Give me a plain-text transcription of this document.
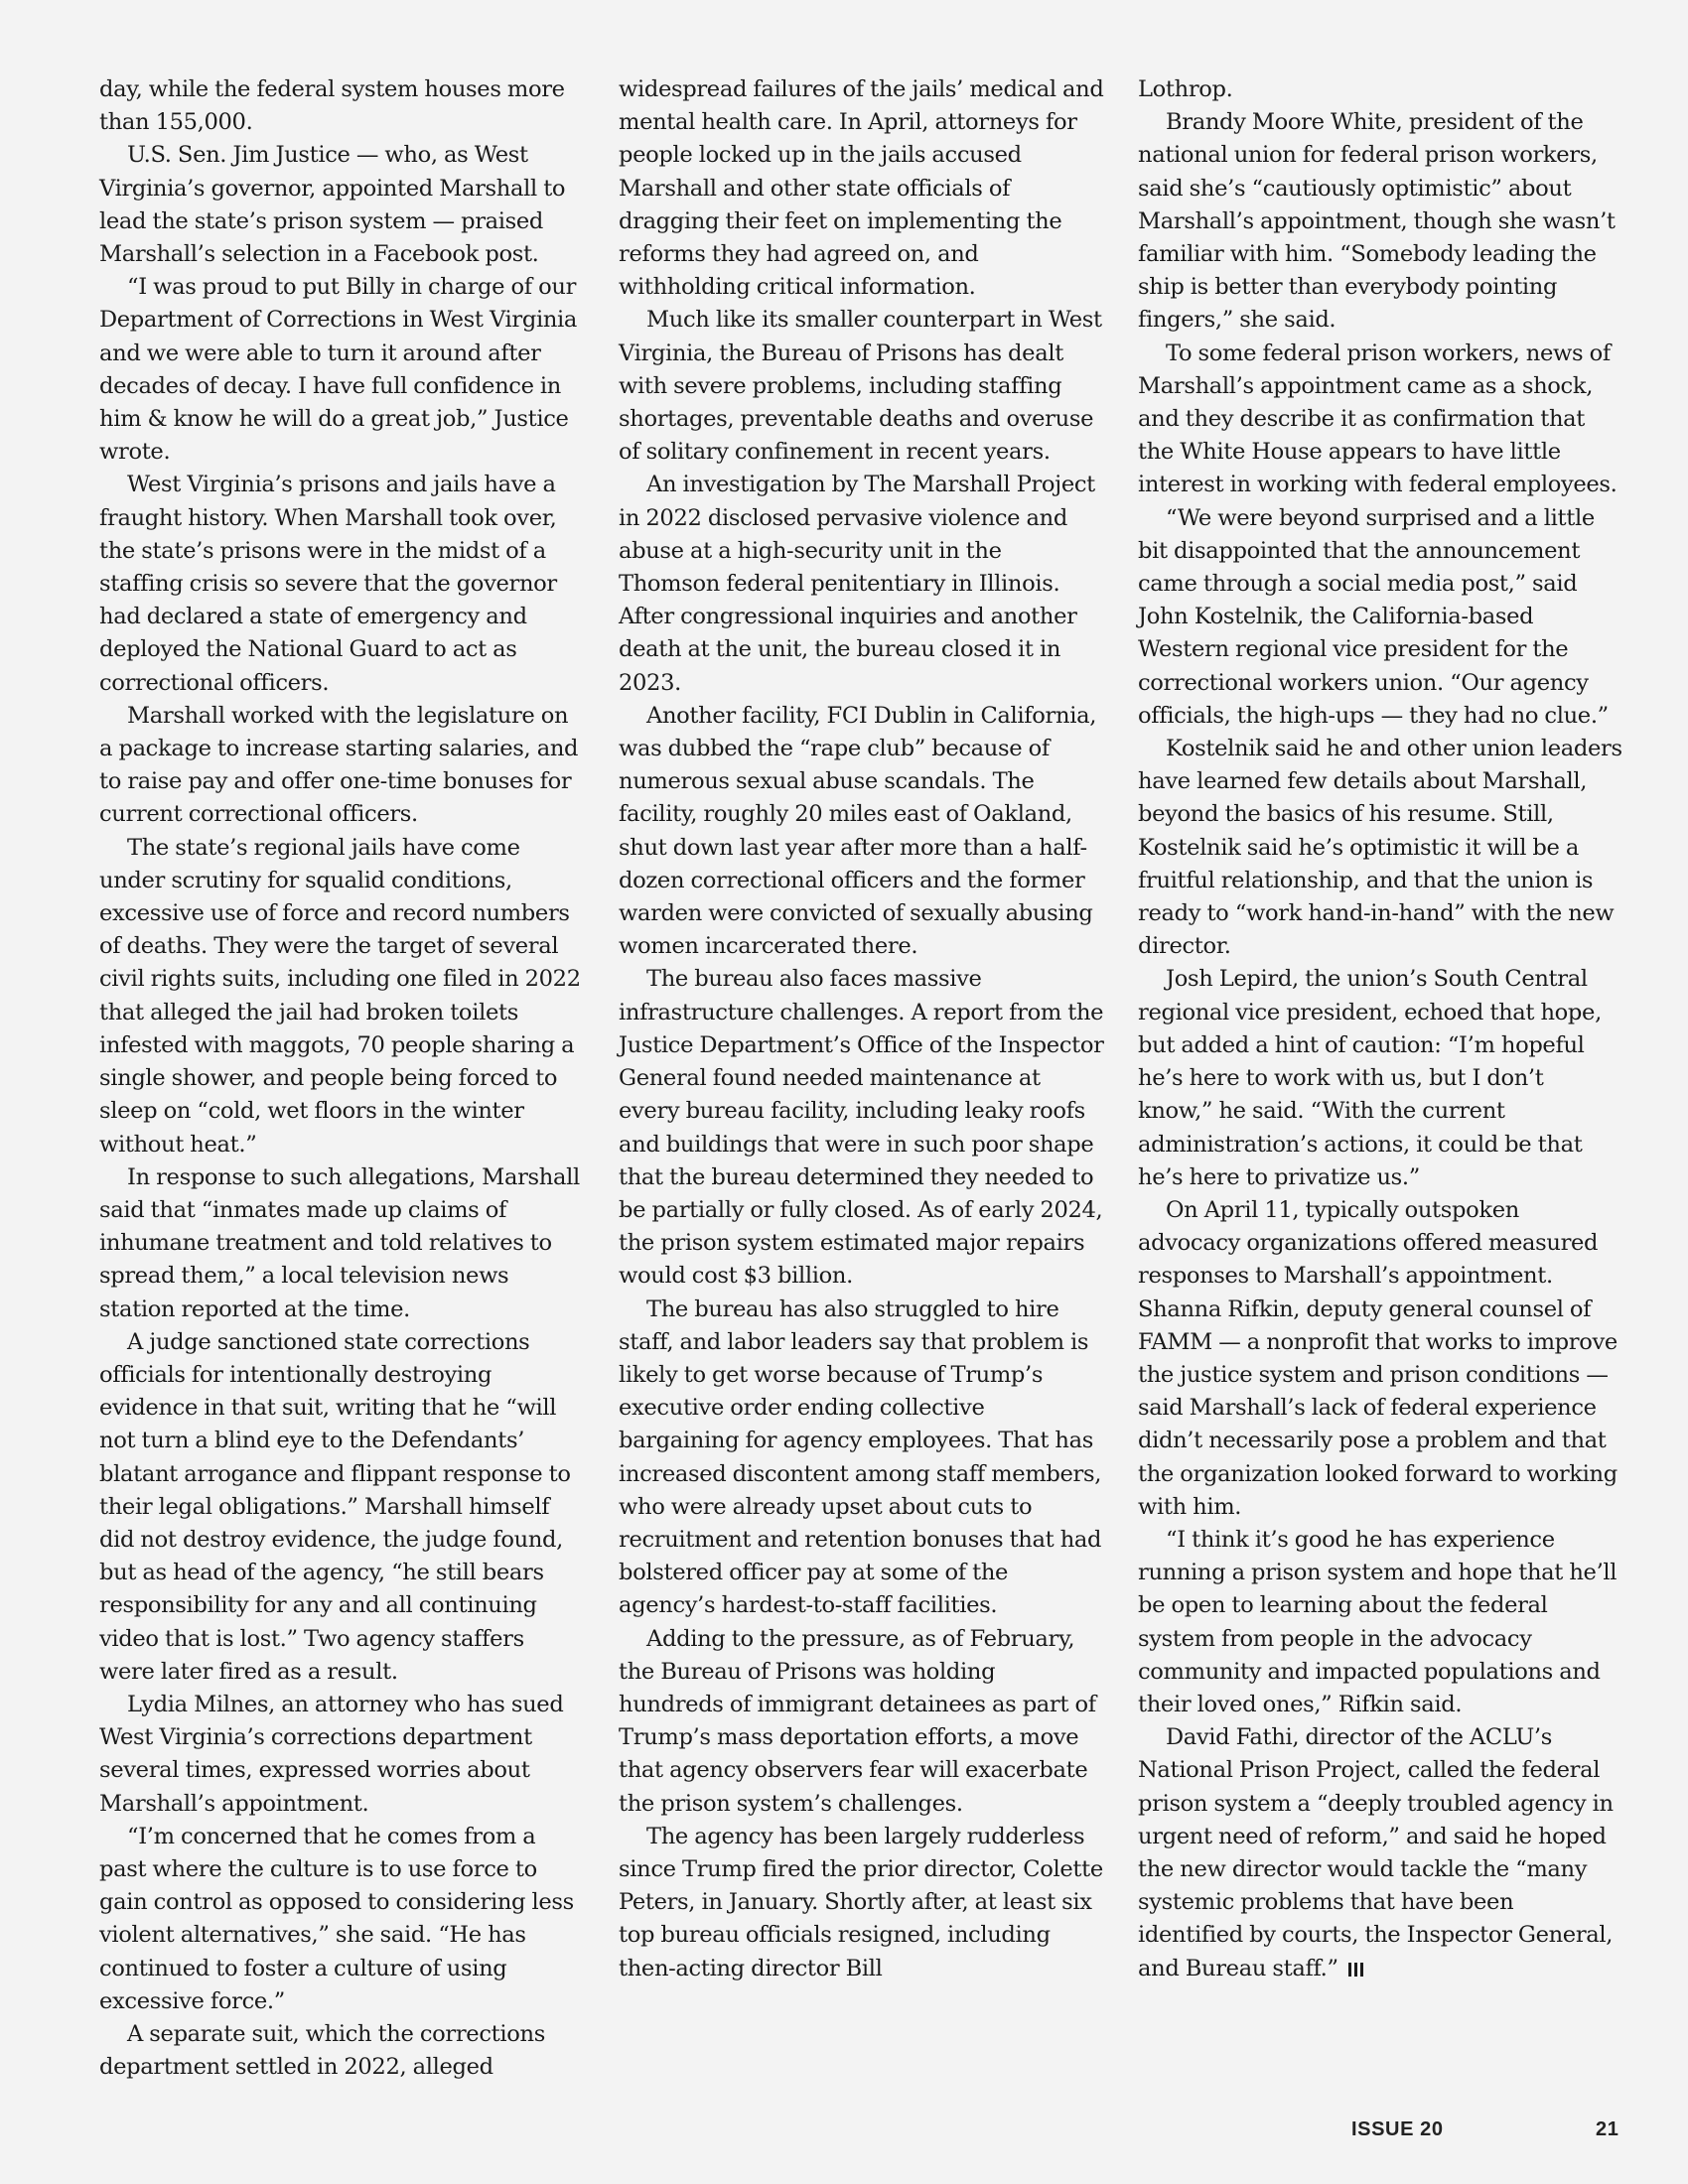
day, while the federal system houses more than 155,000.

U.S. Sen. Jim Justice — who, as West Virginia’s governor, appointed Marshall to lead the state’s prison system — praised Marshall’s selection in a Facebook post.

“I was proud to put Billy in charge of our Department of Corrections in West Virginia and we were able to turn it around after decades of decay. I have full confidence in him & know he will do a great job,” Justice wrote.

West Virginia’s prisons and jails have a fraught history. When Marshall took over, the state’s prisons were in the midst of a staffing crisis so severe that the governor had declared a state of emergency and deployed the National Guard to act as correctional officers.

Marshall worked with the legislature on a package to increase starting salaries, and to raise pay and offer one-time bonuses for current correctional officers.

The state’s regional jails have come under scrutiny for squalid conditions, excessive use of force and record numbers of deaths. They were the target of several civil rights suits, including one filed in 2022 that alleged the jail had broken toilets infested with maggots, 70 people sharing a single shower, and people being forced to sleep on “cold, wet floors in the winter without heat.”

In response to such allegations, Marshall said that “inmates made up claims of inhumane treatment and told relatives to spread them,” a local television news station reported at the time.

A judge sanctioned state corrections officials for intentionally destroying evidence in that suit, writing that he “will not turn a blind eye to the Defendants’ blatant arrogance and flippant response to their legal obligations.” Marshall himself did not destroy evidence, the judge found, but as head of the agency, “he still bears responsibility for any and all continuing video that is lost.” Two agency staffers were later fired as a result.

Lydia Milnes, an attorney who has sued West Virginia’s corrections department several times, expressed worries about Marshall’s appointment.

“I’m concerned that he comes from a past where the culture is to use force to gain control as opposed to considering less violent alternatives,” she said. “He has continued to foster a culture of using excessive force.”

A separate suit, which the corrections department settled in 2022, alleged

widespread failures of the jails’ medical and mental health care. In April, attorneys for people locked up in the jails accused Marshall and other state officials of dragging their feet on implementing the reforms they had agreed on, and withholding critical information.

Much like its smaller counterpart in West Virginia, the Bureau of Prisons has dealt with severe problems, including staffing shortages, preventable deaths and overuse of solitary confinement in recent years.

An investigation by The Marshall Project in 2022 disclosed pervasive violence and abuse at a high-security unit in the Thomson federal penitentiary in Illinois. After congressional inquiries and another death at the unit, the bureau closed it in 2023.

Another facility, FCI Dublin in California, was dubbed the “rape club” because of numerous sexual abuse scandals. The facility, roughly 20 miles east of Oakland, shut down last year after more than a half-dozen correctional officers and the former warden were convicted of sexually abusing women incarcerated there.

The bureau also faces massive infrastructure challenges. A report from the Justice Department’s Office of the Inspector General found needed maintenance at every bureau facility, including leaky roofs and buildings that were in such poor shape that the bureau determined they needed to be partially or fully closed. As of early 2024, the prison system estimated major repairs would cost $3 billion.

The bureau has also struggled to hire staff, and labor leaders say that problem is likely to get worse because of Trump’s executive order ending collective bargaining for agency employees. That has increased discontent among staff members, who were already upset about cuts to recruitment and retention bonuses that had bolstered officer pay at some of the agency’s hardest-to-staff facilities.

Adding to the pressure, as of February, the Bureau of Prisons was holding hundreds of immigrant detainees as part of Trump’s mass deportation efforts, a move that agency observers fear will exacerbate the prison system’s challenges.

The agency has been largely rudderless since Trump fired the prior director, Colette Peters, in January. Shortly after, at least six top bureau officials resigned, including then-acting director Bill

Lothrop.

Brandy Moore White, president of the national union for federal prison workers, said she’s “cautiously optimistic” about Marshall’s appointment, though she wasn’t familiar with him. “Somebody leading the ship is better than everybody pointing fingers,” she said.

To some federal prison workers, news of Marshall’s appointment came as a shock, and they describe it as confirmation that the White House appears to have little interest in working with federal employees.

“We were beyond surprised and a little bit disappointed that the announcement came through a social media post,” said John Kostelnik, the California-based Western regional vice president for the correctional workers union. “Our agency officials, the high-ups — they had no clue.”

Kostelnik said he and other union leaders have learned few details about Marshall, beyond the basics of his resume. Still, Kostelnik said he’s optimistic it will be a fruitful relationship, and that the union is ready to “work hand-in-hand” with the new director.

Josh Lepird, the union’s South Central regional vice president, echoed that hope, but added a hint of caution: “I’m hopeful he’s here to work with us, but I don’t know,” he said. “With the current administration’s actions, it could be that he’s here to privatize us.”

On April 11, typically outspoken advocacy organizations offered measured responses to Marshall’s appointment. Shanna Rifkin, deputy general counsel of FAMM — a nonprofit that works to improve the justice system and prison conditions — said Marshall’s lack of federal experience didn’t necessarily pose a problem and that the organization looked forward to working with him.

“I think it’s good he has experience running a prison system and hope that he’ll be open to learning about the federal system from people in the advocacy community and impacted populations and their loved ones,” Rifkin said.

David Fathi, director of the ACLU’s National Prison Project, called the federal prison system a “deeply troubled agency in urgent need of reform,” and said he hoped the new director would tackle the “many systemic problems that have been identified by courts, the Inspector General, and Bureau staff.”

ISSUE 20	21
